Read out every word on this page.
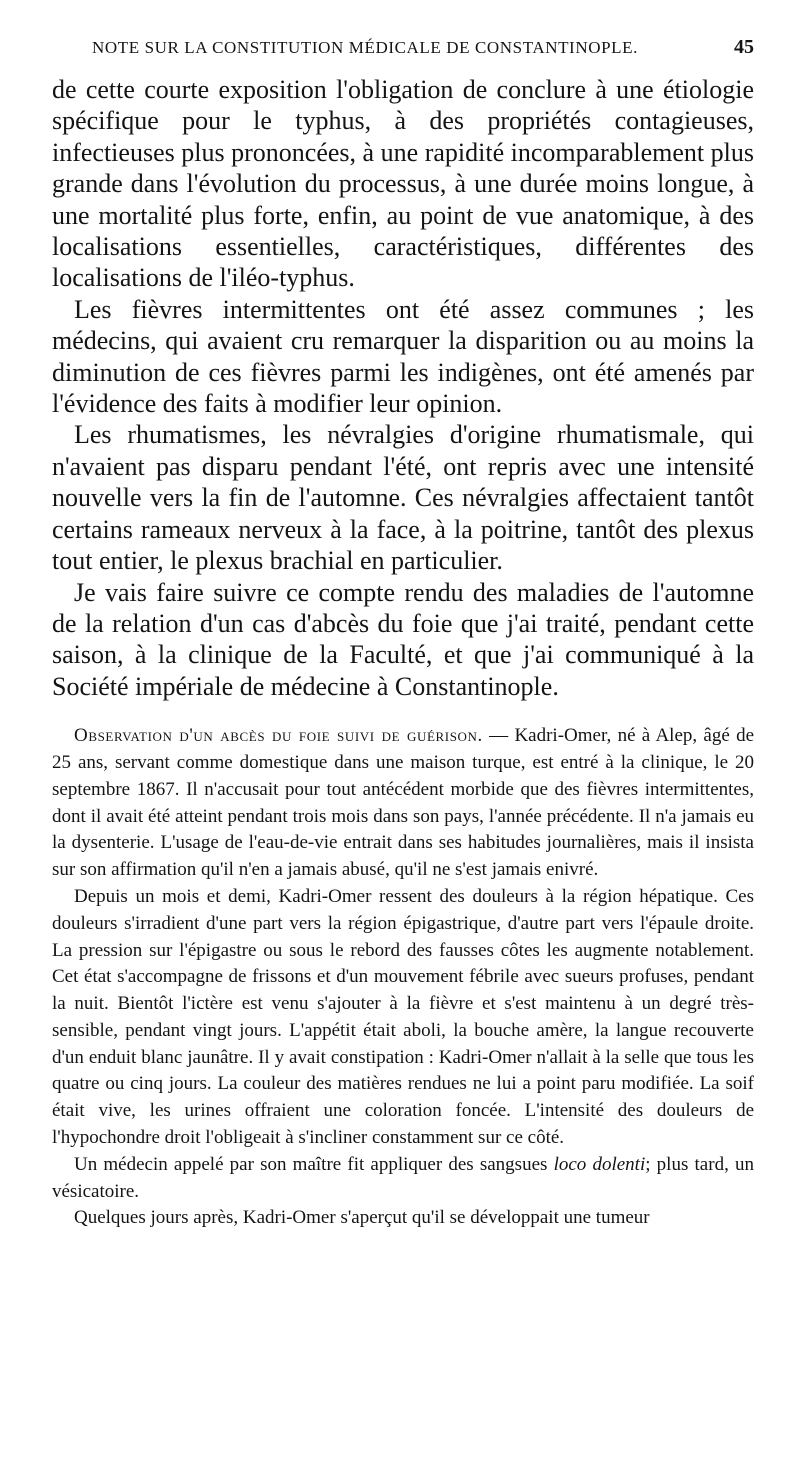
NOTE SUR LA CONSTITUTION MÉDICALE DE CONSTANTINOPLE.	45

de cette courte exposition l'obligation de conclure à une étiologie spécifique pour le typhus, à des propriétés contagieuses, infectieuses plus prononcées, à une rapidité incomparablement plus grande dans l'évolution du processus, à une durée moins longue, à une mortalité plus forte, enfin, au point de vue anatomique, à des localisations essentielles, caractéristiques, différentes des localisations de l'iléo-typhus.

Les fièvres intermittentes ont été assez communes ; les médecins, qui avaient cru remarquer la disparition ou au moins la diminution de ces fièvres parmi les indigènes, ont été amenés par l'évidence des faits à modifier leur opinion.

Les rhumatismes, les névralgies d'origine rhumatismale, qui n'avaient pas disparu pendant l'été, ont repris avec une intensité nouvelle vers la fin de l'automne. Ces névralgies affectaient tantôt certains rameaux nerveux à la face, à la poitrine, tantôt des plexus tout entier, le plexus brachial en particulier.

Je vais faire suivre ce compte rendu des maladies de l'automne de la relation d'un cas d'abcès du foie que j'ai traité, pendant cette saison, à la clinique de la Faculté, et que j'ai communiqué à la Société impériale de médecine à Constantinople.

Observation d'un abcès du foie suivi de guérison. — Kadri-Omer, né à Alep, âgé de 25 ans, servant comme domestique dans une maison turque, est entré à la clinique, le 20 septembre 1867. Il n'accusait pour tout antécédent morbide que des fièvres intermittentes, dont il avait été atteint pendant trois mois dans son pays, l'année précédente. Il n'a jamais eu la dysenterie. L'usage de l'eau-de-vie entrait dans ses habitudes journalières, mais il insista sur son affirmation qu'il n'en a jamais abusé, qu'il ne s'est jamais enivré.

Depuis un mois et demi, Kadri-Omer ressent des douleurs à la région hépatique. Ces douleurs s'irradient d'une part vers la région épigastrique, d'autre part vers l'épaule droite. La pression sur l'épigastre ou sous le rebord des fausses côtes les augmente notablement. Cet état s'accompagne de frissons et d'un mouvement fébrile avec sueurs profuses, pendant la nuit. Bientôt l'ictère est venu s'ajouter à la fièvre et s'est maintenu à un degré très-sensible, pendant vingt jours. L'appétit était aboli, la bouche amère, la langue recouverte d'un enduit blanc jaunâtre. Il y avait constipation : Kadri-Omer n'allait à la selle que tous les quatre ou cinq jours. La couleur des matières rendues ne lui a point paru modifiée. La soif était vive, les urines offraient une coloration foncée. L'intensité des douleurs de l'hypochondre droit l'obligeait à s'incliner constamment sur ce côté.

Un médecin appelé par son maître fit appliquer des sangsues loco dolenti; plus tard, un vésicatoire.

Quelques jours après, Kadri-Omer s'aperçut qu'il se développait une tumeur
